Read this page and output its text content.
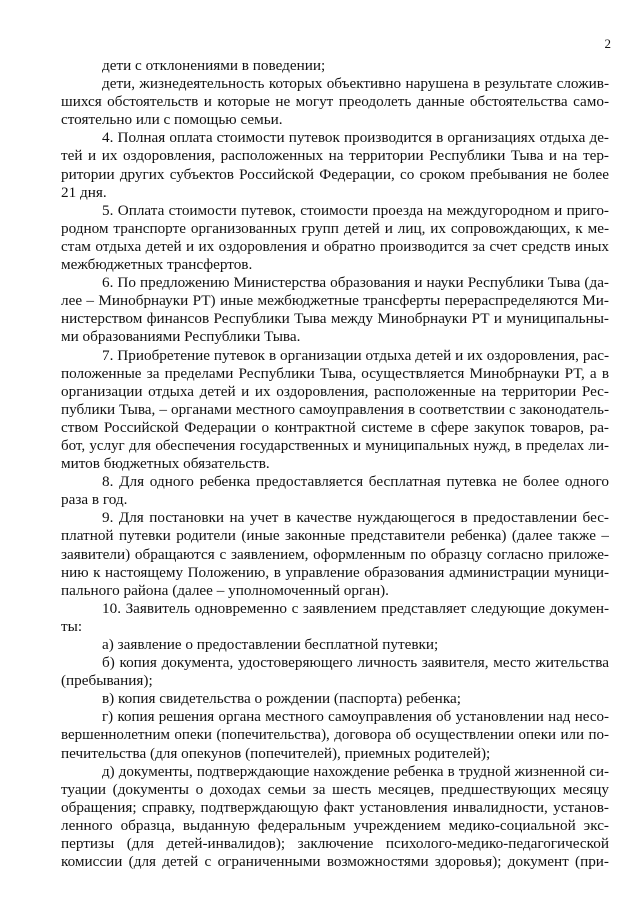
2
дети с отклонениями в поведении;
дети, жизнедеятельность которых объективно нарушена в результате сложив-
шихся обстоятельств и которые не могут преодолеть данные обстоятельства само-
стоятельно или с помощью семьи.
4. Полная оплата стоимости путевок производится в организациях отдыха де-
тей и их оздоровления, расположенных на территории Республики Тыва и на тер-
ритории других субъектов Российской Федерации, со сроком пребывания не более
21 дня.
5. Оплата стоимости путевок, стоимости проезда на междугородном и приго-
родном транспорте организованных групп детей и лиц, их сопровождающих, к ме-
стам отдыха детей и их оздоровления и обратно производится за счет средств иных
межбюджетных трансфертов.
6. По предложению Министерства образования и науки Республики Тыва (да-
лее – Минобрнауки РТ) иные межбюджетные трансферты перераспределяются Ми-
нистерством финансов Республики Тыва между Минобрнауки РТ и муниципальны-
ми образованиями Республики Тыва.
7. Приобретение путевок в организации отдыха детей и их оздоровления, рас-
положенные за пределами Республики Тыва, осуществляется Минобрнауки РТ, а в
организации отдыха детей и их оздоровления, расположенные на территории Рес-
публики Тыва, – органами местного самоуправления в соответствии с законодатель-
ством Российской Федерации о контрактной системе в сфере закупок товаров, ра-
бот, услуг для обеспечения государственных и муниципальных нужд, в пределах ли-
митов бюджетных обязательств.
8. Для одного ребенка предоставляется бесплатная путевка не более одного
раза в год.
9. Для постановки на учет в качестве нуждающегося в предоставлении бес-
платной путевки родители (иные законные представители ребенка) (далее также –
заявители) обращаются с заявлением, оформленным по образцу согласно приложе-
нию к настоящему Положению, в управление образования администрации муници-
пального района (далее – уполномоченный орган).
10. Заявитель одновременно с заявлением представляет следующие докумен-
ты:
а) заявление о предоставлении бесплатной путевки;
б) копия документа, удостоверяющего личность заявителя, место жительства
(пребывания);
в) копия свидетельства о рождении (паспорта) ребенка;
г) копия решения органа местного самоуправления об установлении над несо-
вершеннолетним опеки (попечительства), договора об осуществлении опеки или по-
печительства (для опекунов (попечителей), приемных родителей);
д) документы, подтверждающие нахождение ребенка в трудной жизненной си-
туации (документы о доходах семьи за шесть месяцев, предшествующих месяцу
обращения; справку, подтверждающую факт установления инвалидности, установ-
ленного образца, выданную федеральным учреждением медико-социальной экс-
пертизы (для детей-инвалидов); заключение психолого-медико-педагогической
комиссии (для детей с ограниченными возможностями здоровья); документ (при-
